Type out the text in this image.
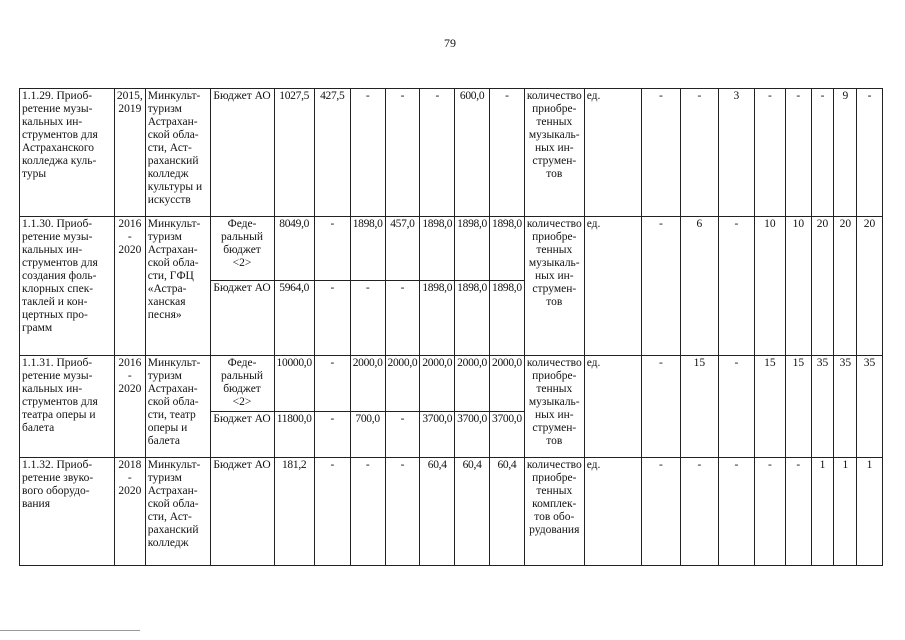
79
1.1.29. Приоб-ретение музы-кальных ин-струментов для Астраханского колледжа куль-туры	2015, 2019	Минкульт-туризм Астрахан-ской обла-сти, Аст-раханский колледж культуры и искусств	Бюджет АО	1027,5	427,5	-	-	-	600,0	-	количество приобре-тенных музыкаль-ных ин-струмен-тов	ед.	-	-	3	-	-	-	9	-
1.1.30. Приоб-ретение музы-кальных ин-струментов для создания фоль-клорных спек-таклей и кон-цертных про-грамм	2016 - 2020	Минкульт-туризм Астрахан-ской обла-сти, ГФЦ «Астра-ханская песня»	Феде-ральный бюджет <2>	8049,0	-	1898,0	457,0	1898,0	1898,0	1898,0	количество приобре-тенных музыкаль-ных ин-струмен-тов	ед.	-	6	-	10	10	20	20	20
			Бюджет АО	5964,0	-	-	-	1898,0	1898,0	1898,0										
1.1.31. Приоб-ретение музы-кальных ин-струментов для театра оперы и балета	2016 - 2020	Минкульт-туризм Астрахан-ской обла-сти, театр оперы и балета	Феде-ральный бюджет <2>	10000,0	-	2000,0	2000,0	2000,0	2000,0	2000,0	количество приобре-тенных музыкаль-ных ин-струмен-тов	ед.	-	15	-	15	15	35	35	35
			Бюджет АО	11800,0	-	700,0	-	3700,0	3700,0	3700,0										
1.1.32. Приоб-ретение звуко-вого оборудо-вания	2018 - 2020	Минкульт-туризм Астрахан-ской обла-сти, Аст-раханский колледж	Бюджет АО	181,2	-	-	-	60,4	60,4	60,4	количество приобре-тенных комплек-тов обо-рудования	ед.	-	-	-	-	-	1	1	1
